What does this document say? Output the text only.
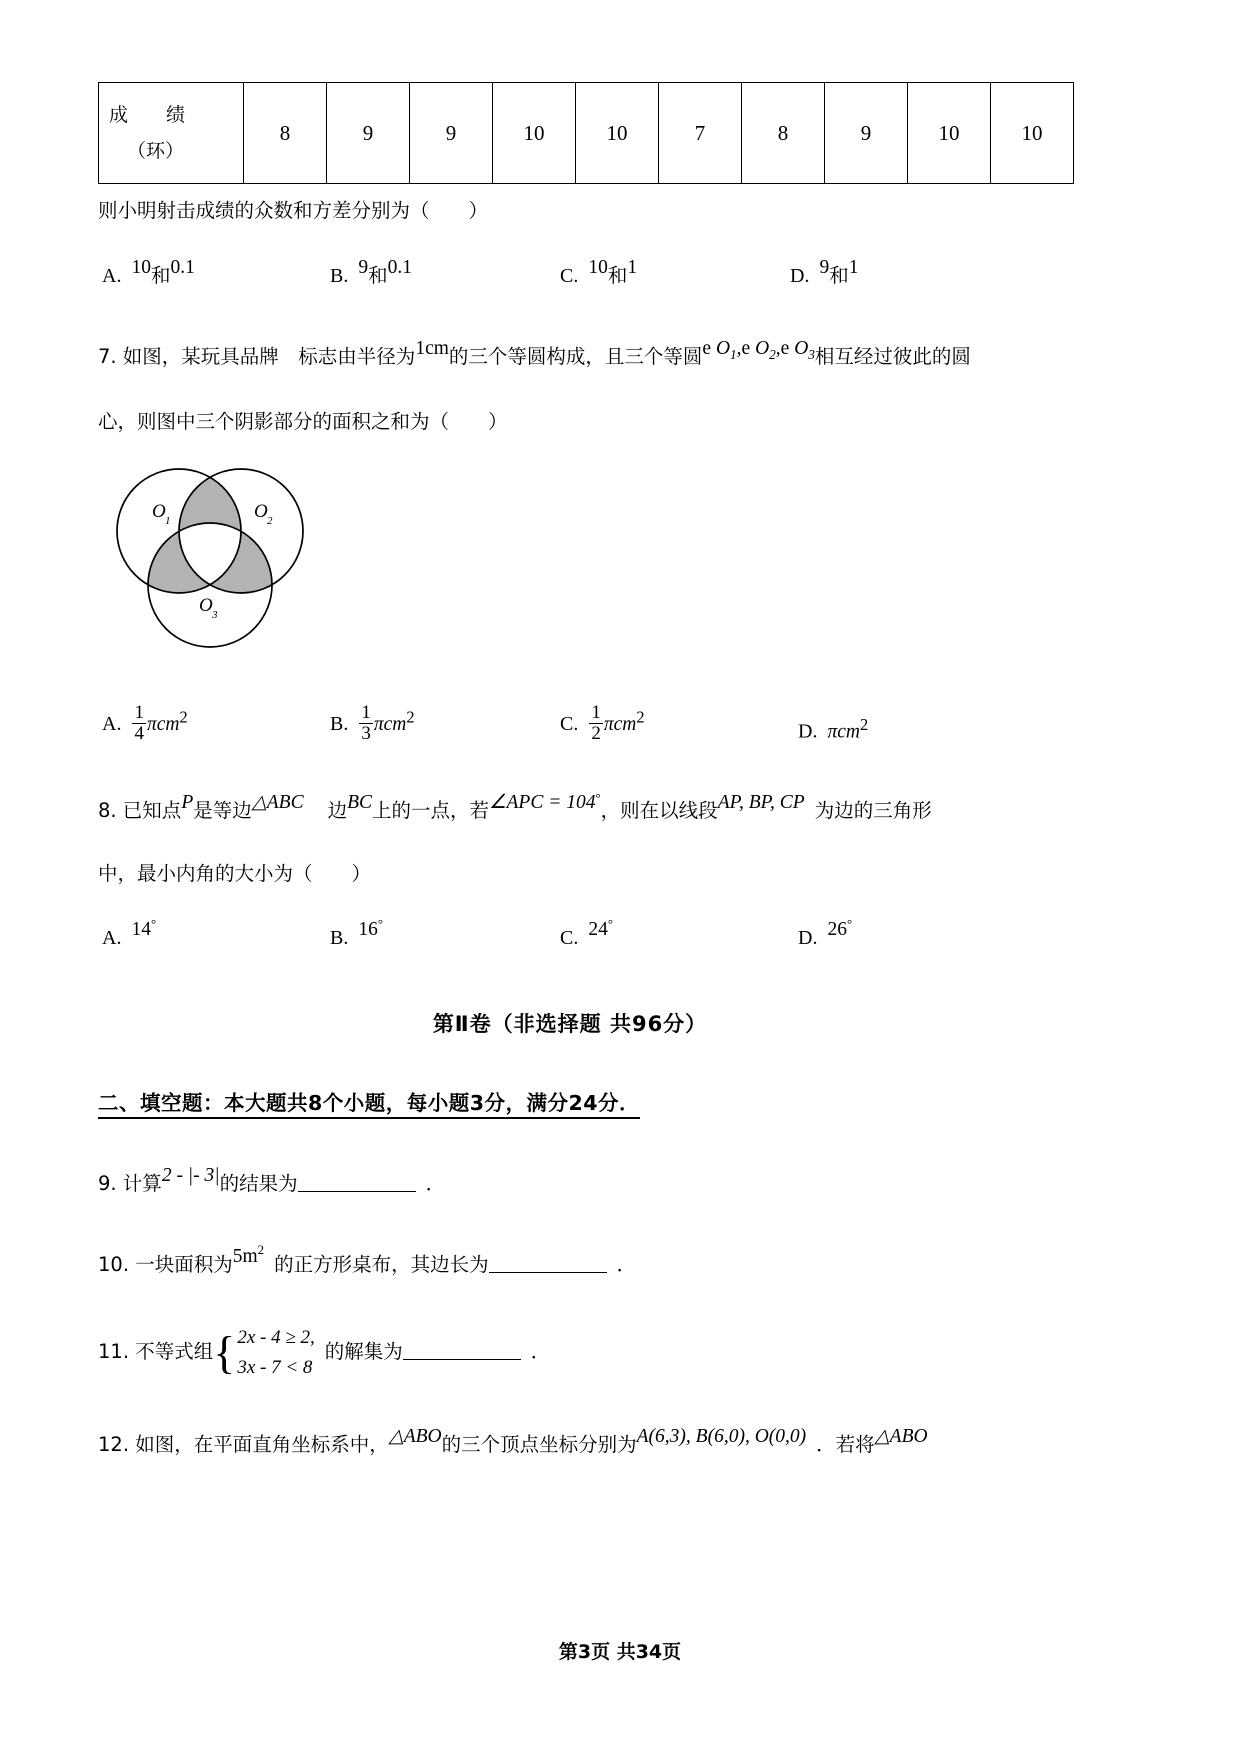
成　　绩
（环）	8	9	9	10	10	7	8	9	10	10
则小明射击成绩的众数和方差分别为（　　）
A. 10和0.1	B. 9和0.1	C. 10和1	D. 9和1
7. 如图，某玩具品牌　标志由半径为1cm的三个等圆构成，且三个等圆e $O_1,e$ $O_2,e$ $O_3$相互经过彼此的圆
心，则图中三个阴影部分的面积之和为（　　）
O 1	O 2
O 3
A. $\frac{1}{4} \pi cm^2$	B. $\frac{1}{3} \pi cm^2$	C. $\frac{1}{2} \pi cm^2$
D. πcm$^2$
8. 已知点P是等边△ABC 边BC上的一点，若∠APC = 104°，则在以线段AP, BP, CP 为边的三角形
中，最小内角的大小为（　　）
A. 14°
B. 16°
C. 24°
D. 26°
第Ⅱ卷（非选择题 共96分）
二、填空题：本大题共8个小题，每小题3分，满分24分．
9. 计算2 - |- 3|的结果为	．
10. 一块面积为$5m^2$的正方形桌布，其边长为	．
11. 不等式组 { 2x - 4 ≥ 2,
3x - 7 < 8
的解集为	．
12. 如图，在平面直角坐标系中，△ABO的三个顶点坐标分别为A(6,3), B(6,0), O(0,0) ．若将△ABO
第3页 共34页
